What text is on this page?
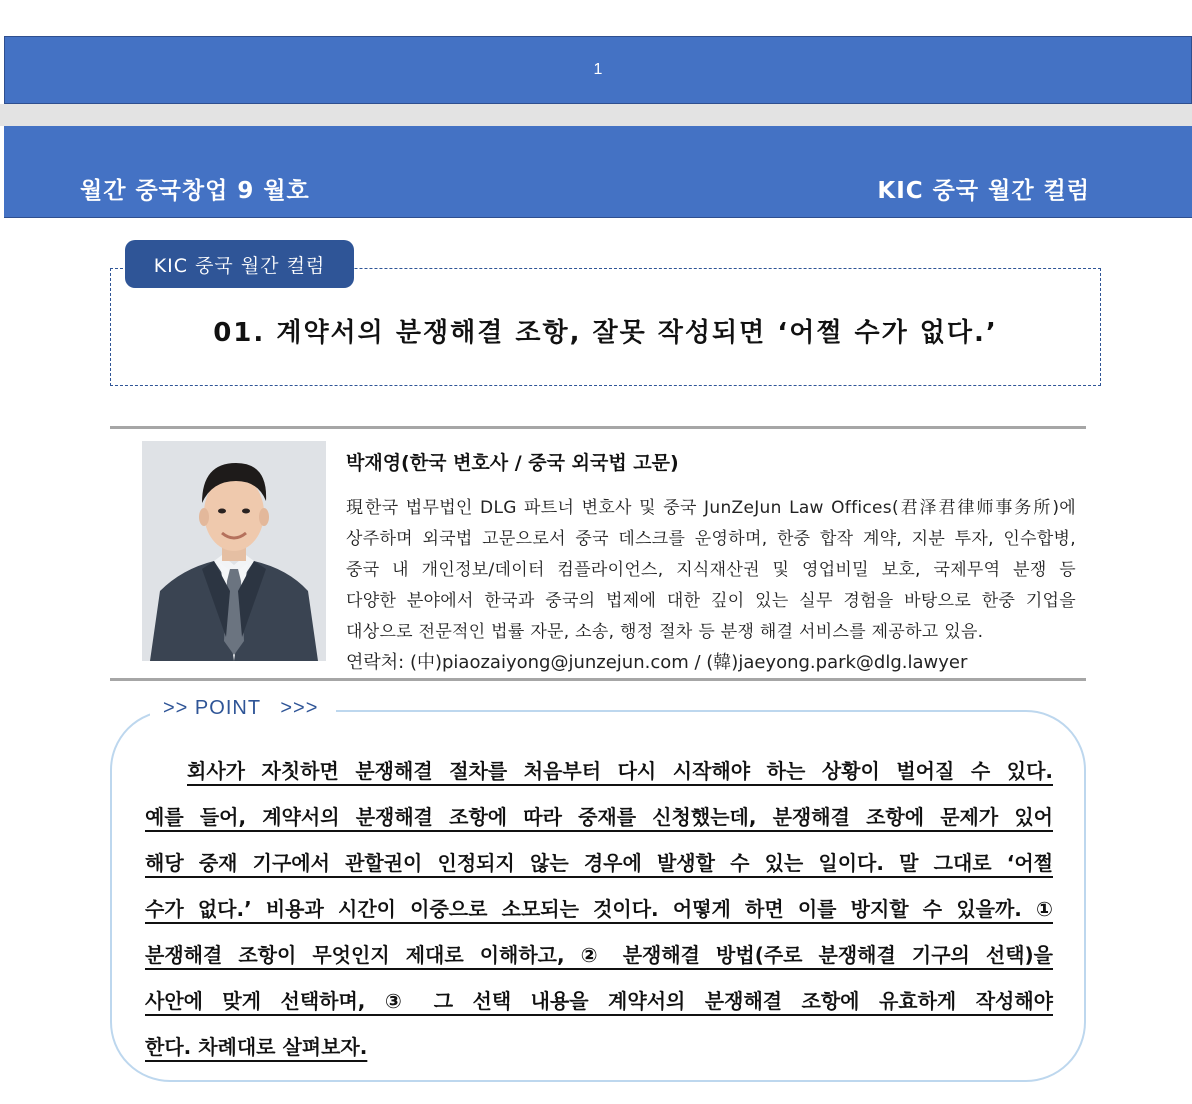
1
월간 중국창업 9 월호	KIC 중국 월간 컬럼
KIC 중국 월간 컬럼
01. 계약서의 분쟁해결 조항, 잘못 작성되면 ‘어쩔 수가 없다.’
박재영(한국 변호사 / 중국 외국법 고문)
現한국 법무법인 DLG 파트너 변호사 및 중국 JunZeJun Law Offices(君泽君律师事务所)에
상주하며 외국법 고문으로서 중국 데스크를 운영하며, 한중 합작 계약, 지분 투자, 인수합병,
중국 내 개인정보/데이터 컴플라이언스, 지식재산권 및 영업비밀 보호, 국제무역 분쟁 등
다양한 분야에서 한국과 중국의 법제에 대한 깊이 있는 실무 경험을 바탕으로 한중 기업을
대상으로 전문적인 법률 자문, 소송, 행정 절차 등 분쟁 해결 서비스를 제공하고 있음.
연락처: (中)piaozaiyong@junzejun.com / (韓)jaeyong.park@dlg.lawyer
>> POINT   >>>
회사가 자칫하면 분쟁해결 절차를 처음부터 다시 시작해야 하는 상황이 벌어질 수 있다.
예를 들어, 계약서의 분쟁해결 조항에 따라 중재를 신청했는데, 분쟁해결 조항에 문제가 있어
해당 중재 기구에서 관할권이 인정되지 않는 경우에 발생할 수 있는 일이다. 말 그대로 ‘어쩔
수가 없다.’ 비용과 시간이 이중으로 소모되는 것이다. 어떻게 하면 이를 방지할 수 있을까. ①
분쟁해결 조항이 무엇인지 제대로 이해하고, ② 분쟁해결 방법(주로 분쟁해결 기구의 선택)을
사안에 맞게 선택하며, ③ 그 선택 내용을 계약서의 분쟁해결 조항에 유효하게 작성해야
한다. 차례대로 살펴보자.
